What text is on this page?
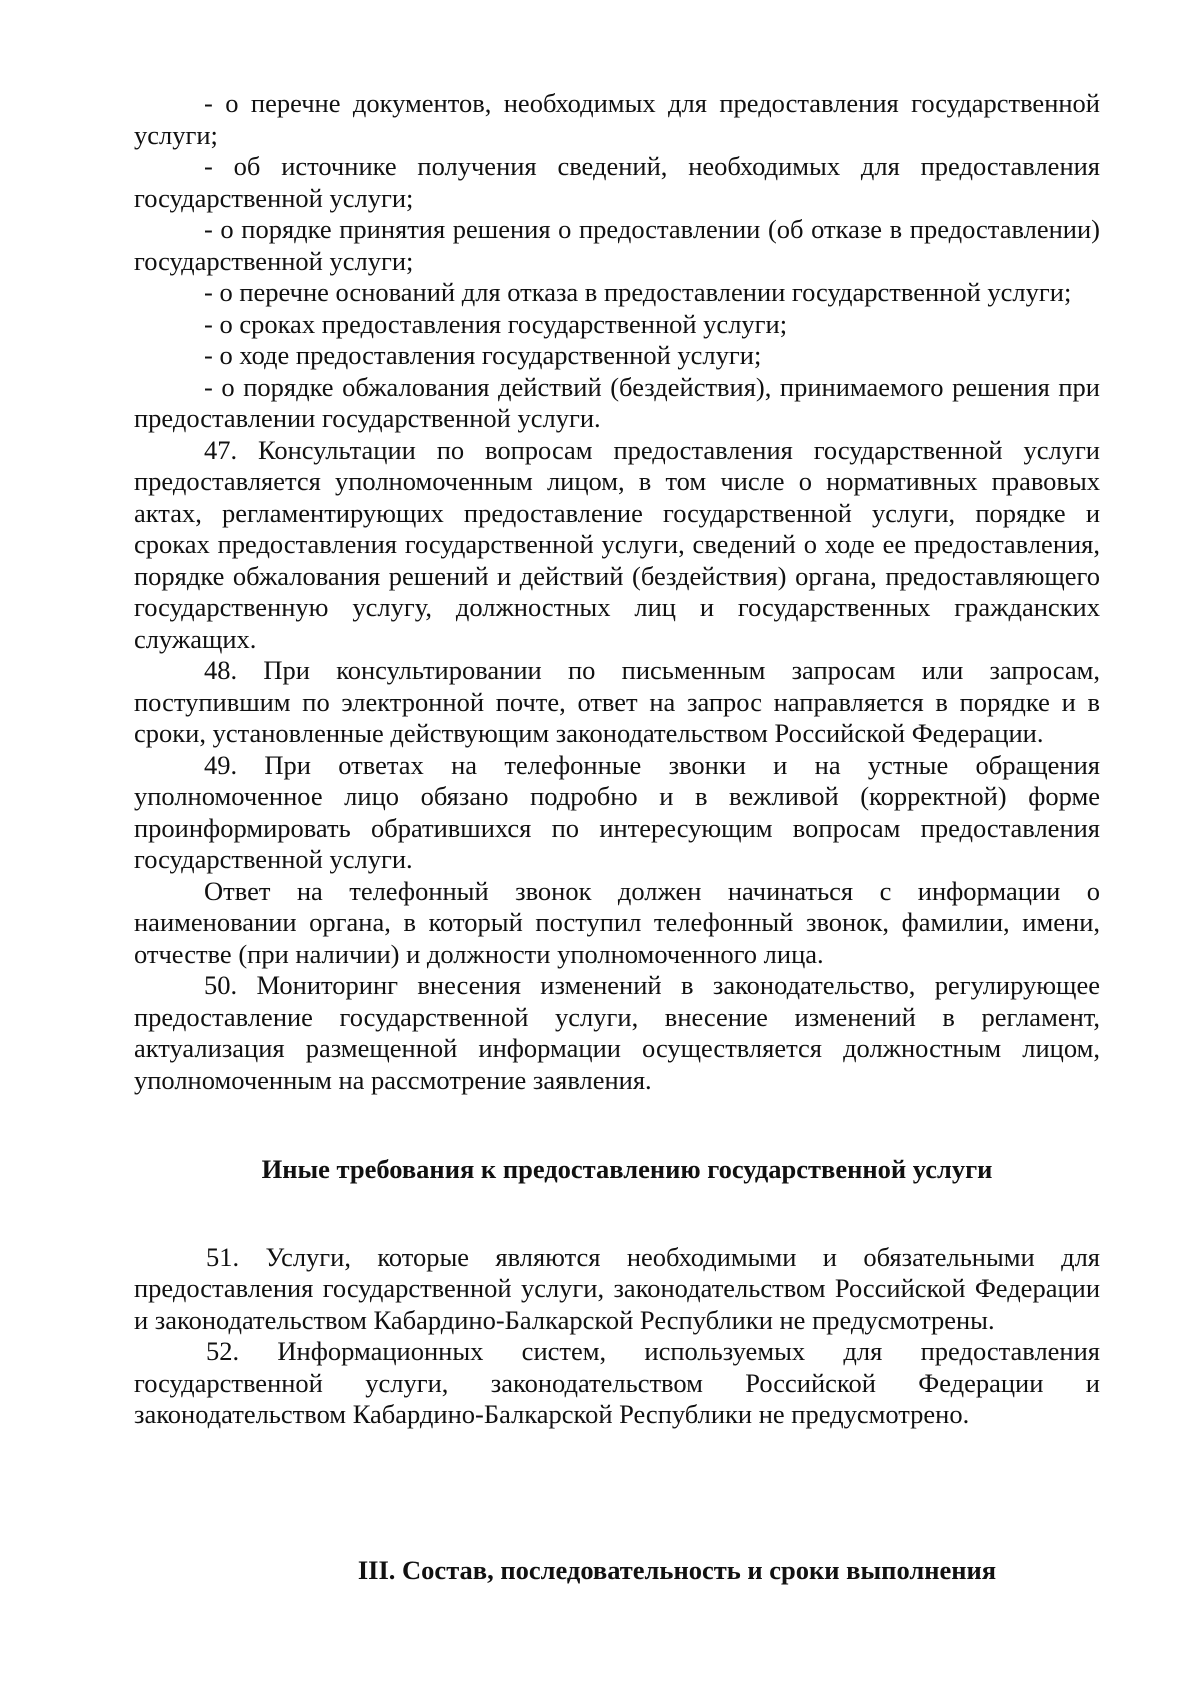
- о перечне документов, необходимых для предоставления государственной услуги;

- об источнике получения сведений, необходимых для предоставления государственной услуги;

- о порядке принятия решения о предоставлении (об отказе в предоставлении) государственной услуги;

- о перечне оснований для отказа в предоставлении государственной услуги;

- о сроках предоставления государственной услуги;

- о ходе предоставления государственной услуги;

- о порядке обжалования действий (бездействия), принимаемого решения при предоставлении государственной услуги.

47. Консультации по вопросам предоставления государственной услуги предоставляется уполномоченным лицом, в том числе о нормативных правовых актах, регламентирующих предоставление государственной услуги, порядке и сроках предоставления государственной услуги, сведений о ходе ее предоставления, порядке обжалования решений и действий (бездействия) органа, предоставляющего государственную услугу, должностных лиц и государственных гражданских служащих.

48. При консультировании по письменным запросам или запросам, поступившим по электронной почте, ответ на запрос направляется в порядке и в сроки, установленные действующим законодательством Российской Федерации.

49. При ответах на телефонные звонки и на устные обращения уполномоченное лицо обязано подробно и в вежливой (корректной) форме проинформировать обратившихся по интересующим вопросам предоставления государственной услуги.

Ответ на телефонный звонок должен начинаться с информации о наименовании органа, в который поступил телефонный звонок, фамилии, имени, отчестве (при наличии) и должности уполномоченного лица.

50. Мониторинг внесения изменений в законодательство, регулирующее предоставление государственной услуги, внесение изменений в регламент, актуализация размещенной информации осуществляется должностным лицом, уполномоченным на рассмотрение заявления.

Иные требования к предоставлению государственной услуги

51. Услуги, которые являются необходимыми и обязательными для предоставления государственной услуги, законодательством Российской Федерации и законодательством Кабардино-Балкарской Республики не предусмотрены.

52. Информационных систем, используемых для предоставления государственной услуги, законодательством Российской Федерации и законодательством Кабардино-Балкарской Республики не предусмотрено.

III. Состав, последовательность и сроки выполнения
